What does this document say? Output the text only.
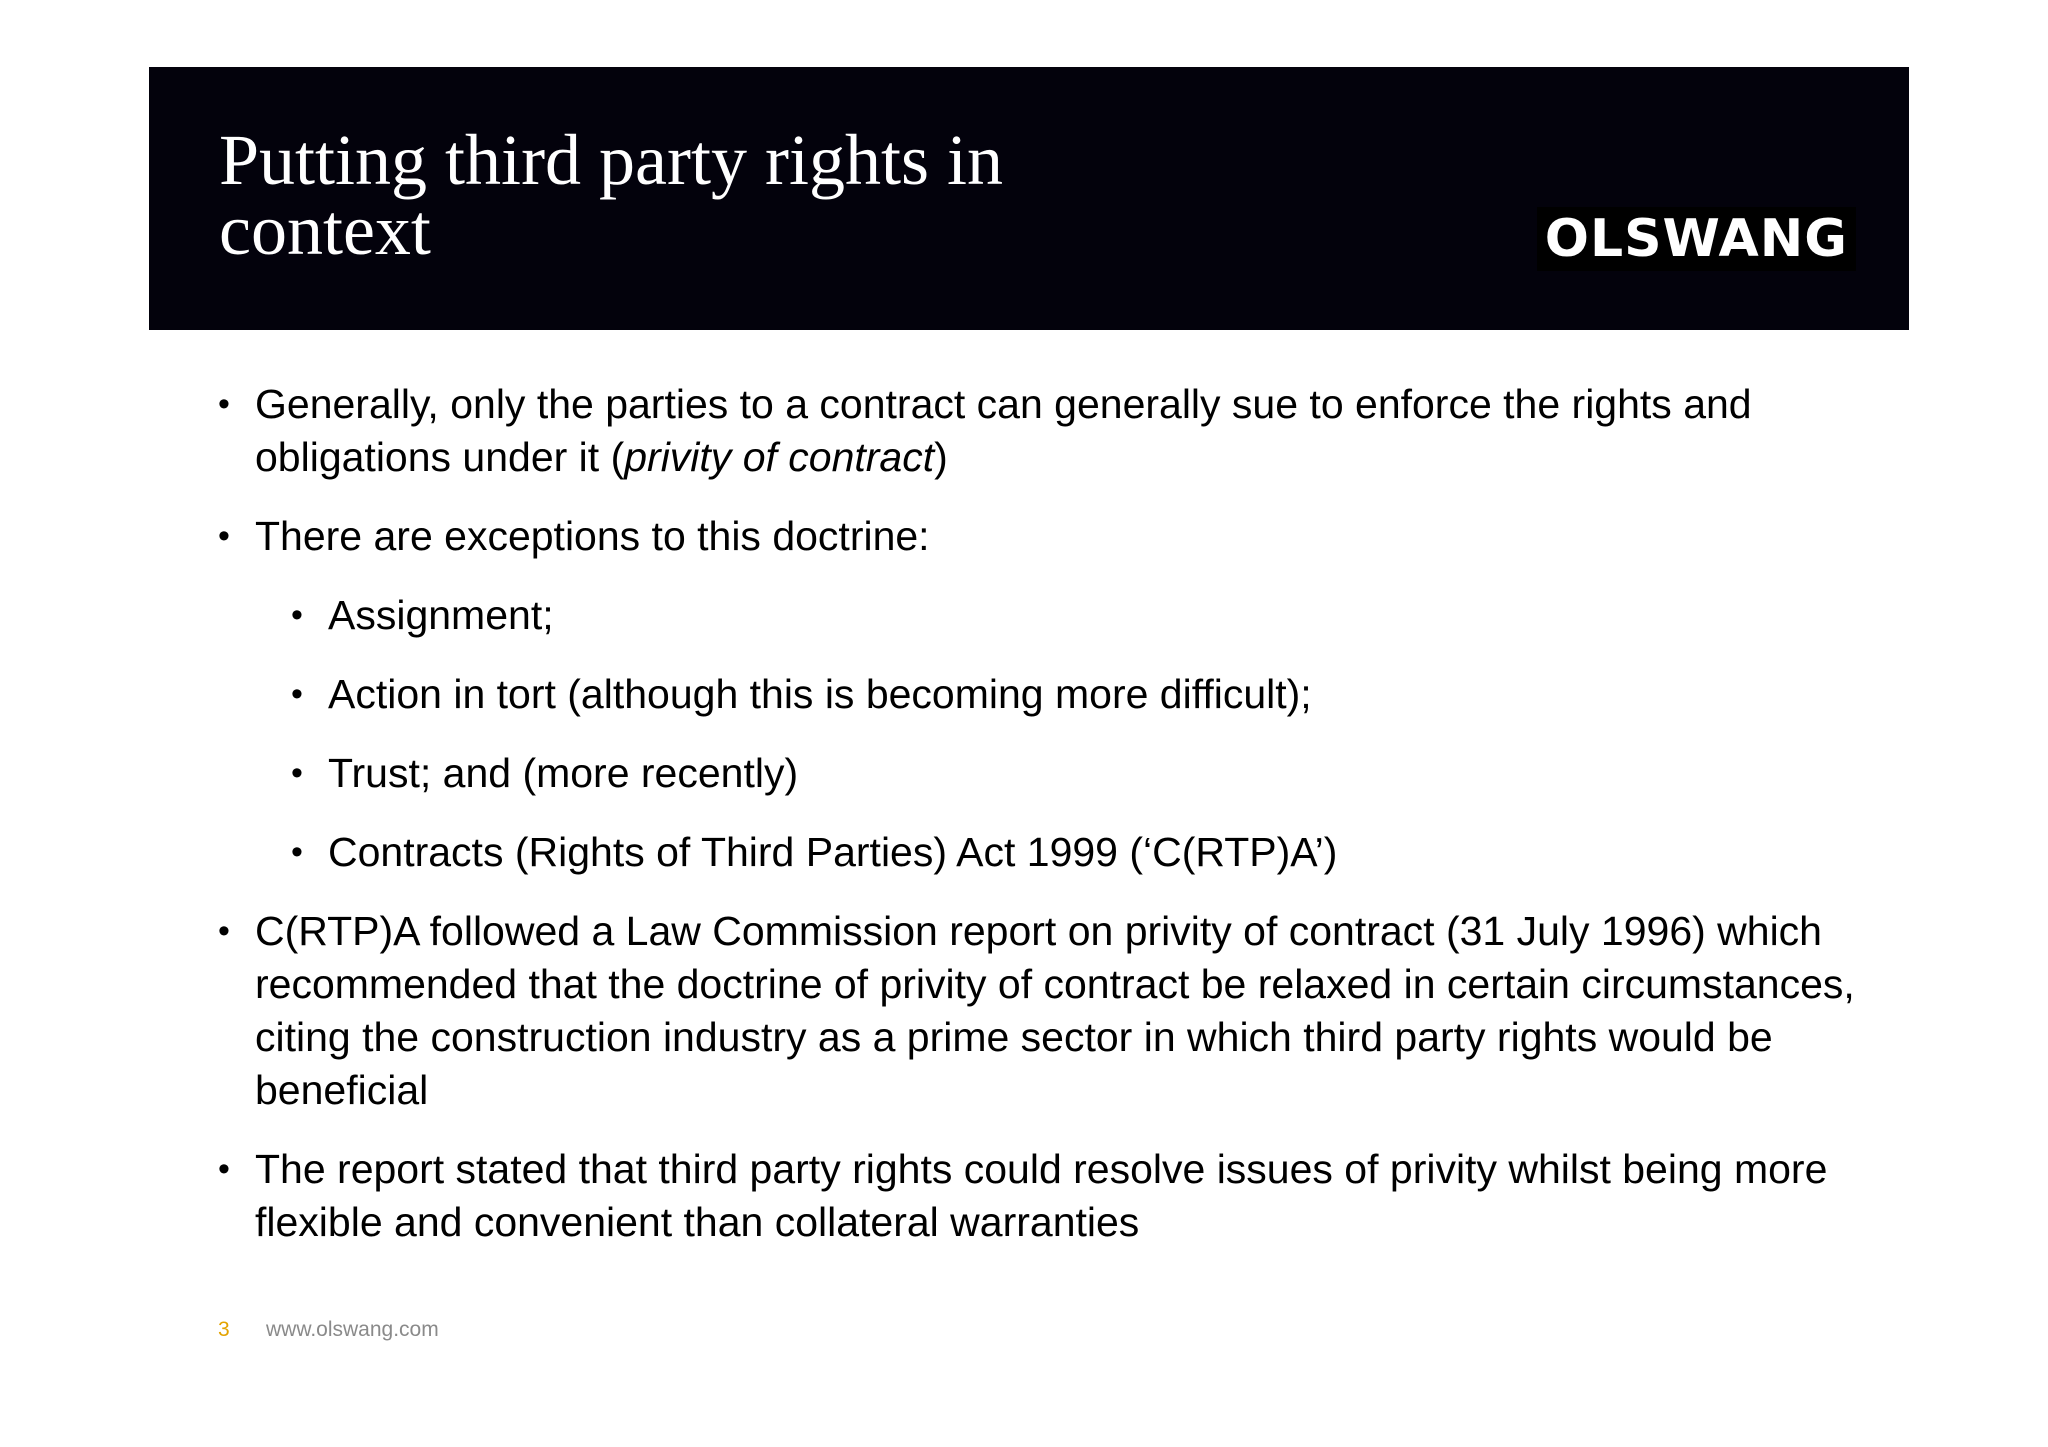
Putting third party rights in
context	OLSWANG
• Generally, only the parties to a contract can generally sue to enforce the rights and obligations under it (privity of contract)
• There are exceptions to this doctrine:
• Assignment;
• Action in tort (although this is becoming more difficult);
• Trust; and (more recently)
• Contracts (Rights of Third Parties) Act 1999 (‘C(RTP)A’)
• C(RTP)A followed a Law Commission report on privity of contract (31 July 1996) which recommended that the doctrine of privity of contract be relaxed in certain circumstances, citing the construction industry as a prime sector in which third party rights would be beneficial
• The report stated that third party rights could resolve issues of privity whilst being more flexible and convenient than collateral warranties
3 www.olswang.com
